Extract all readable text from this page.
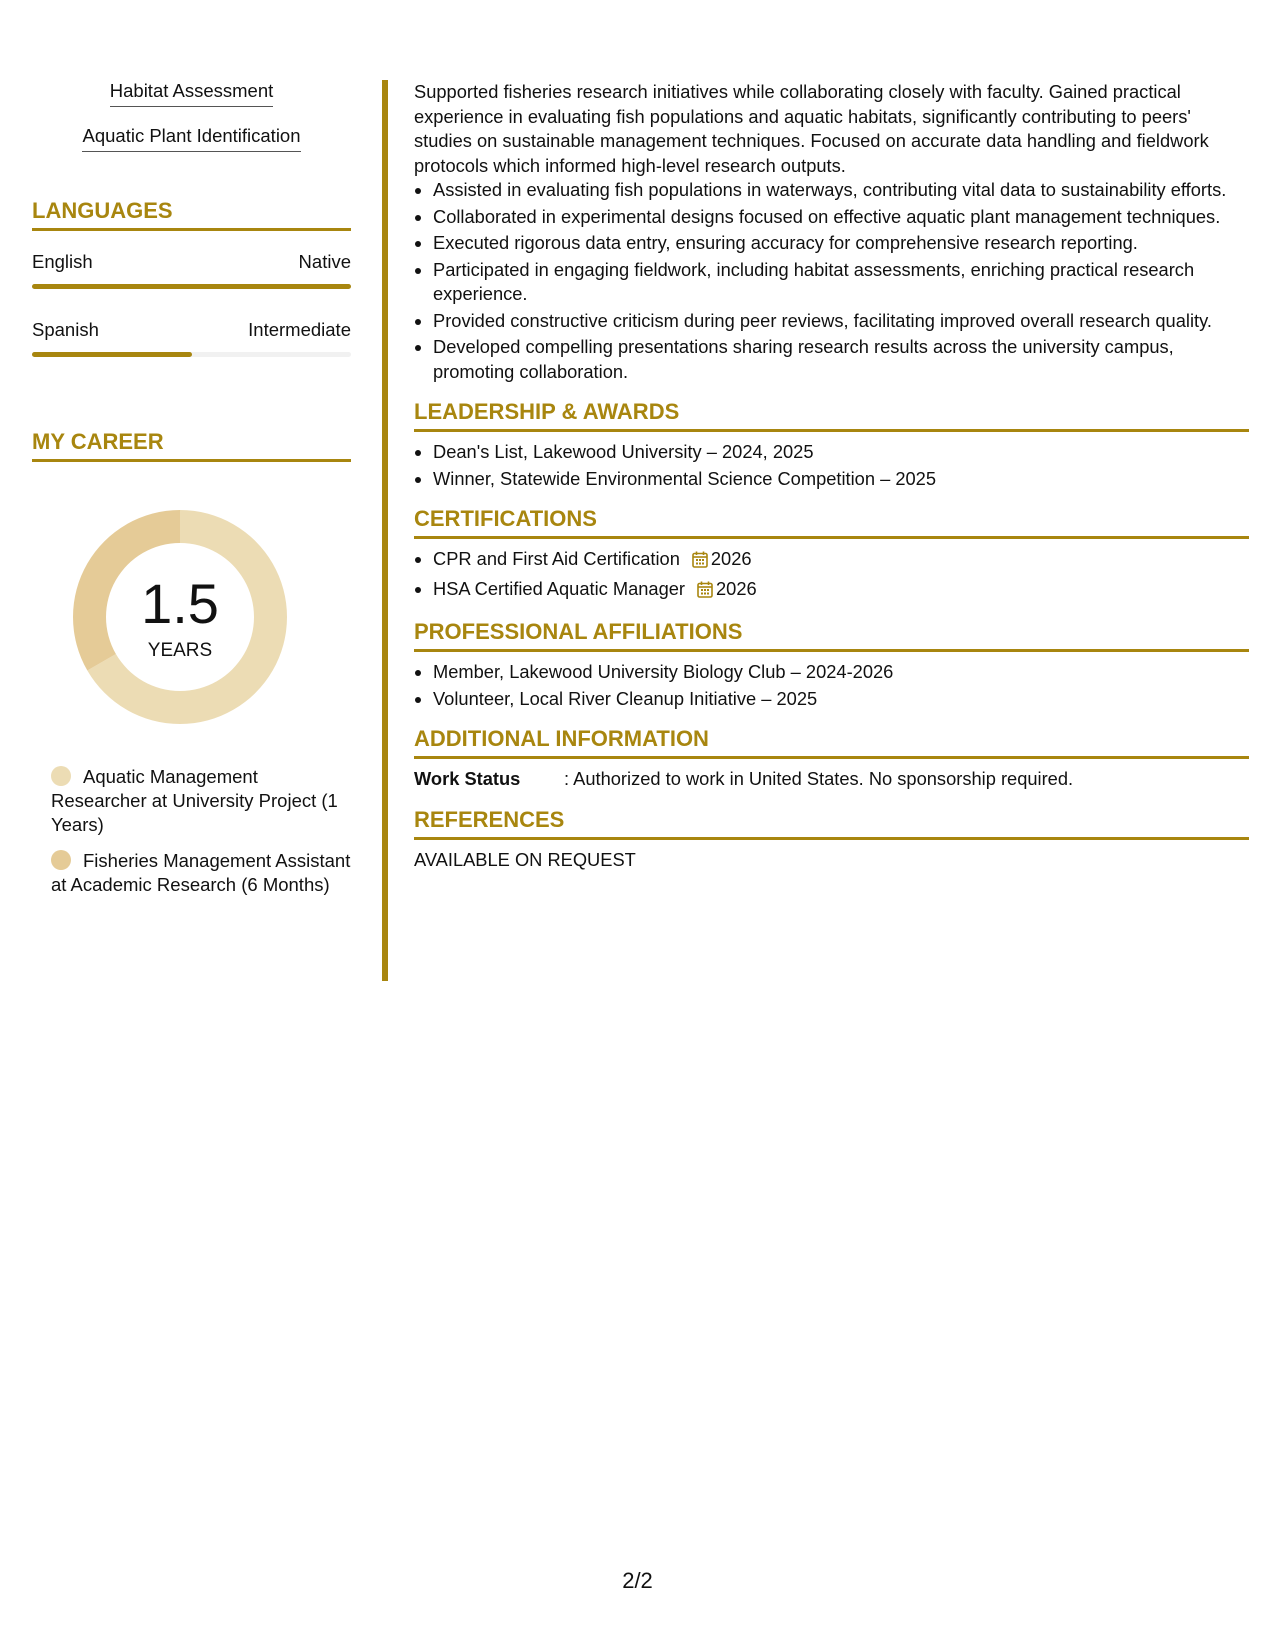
Habitat Assessment
Aquatic Plant Identification
LANGUAGES
English	Native
Spanish	Intermediate
MY CAREER
1.5
YEARS
Aquatic Management Researcher at University Project (1 Years)
Fisheries Management Assistant at Academic Research (6 Months)

Supported fisheries research initiatives while collaborating closely with faculty. Gained practical experience in evaluating fish populations and aquatic habitats, significantly contributing to peers' studies on sustainable management techniques. Focused on accurate data handling and fieldwork protocols which informed high-level research outputs.

• Assisted in evaluating fish populations in waterways, contributing vital data to sustainability efforts.
• Collaborated in experimental designs focused on effective aquatic plant management techniques.
• Executed rigorous data entry, ensuring accuracy for comprehensive research reporting.
• Participated in engaging fieldwork, including habitat assessments, enriching practical research experience.
• Provided constructive criticism during peer reviews, facilitating improved overall research quality.
• Developed compelling presentations sharing research results across the university campus, promoting collaboration.
LEADERSHIP & AWARDS
• Dean's List, Lakewood University – 2024, 2025
• Winner, Statewide Environmental Science Competition – 2025
CERTIFICATIONS
• CPR and First Aid Certification 2026
• HSA Certified Aquatic Manager 2026
PROFESSIONAL AFFILIATIONS
• Member, Lakewood University Biology Club – 2024-2026
• Volunteer, Local River Cleanup Initiative – 2025
ADDITIONAL INFORMATION
Work Status	: Authorized to work in United States. No sponsorship required.
REFERENCES
AVAILABLE ON REQUEST
2/2
